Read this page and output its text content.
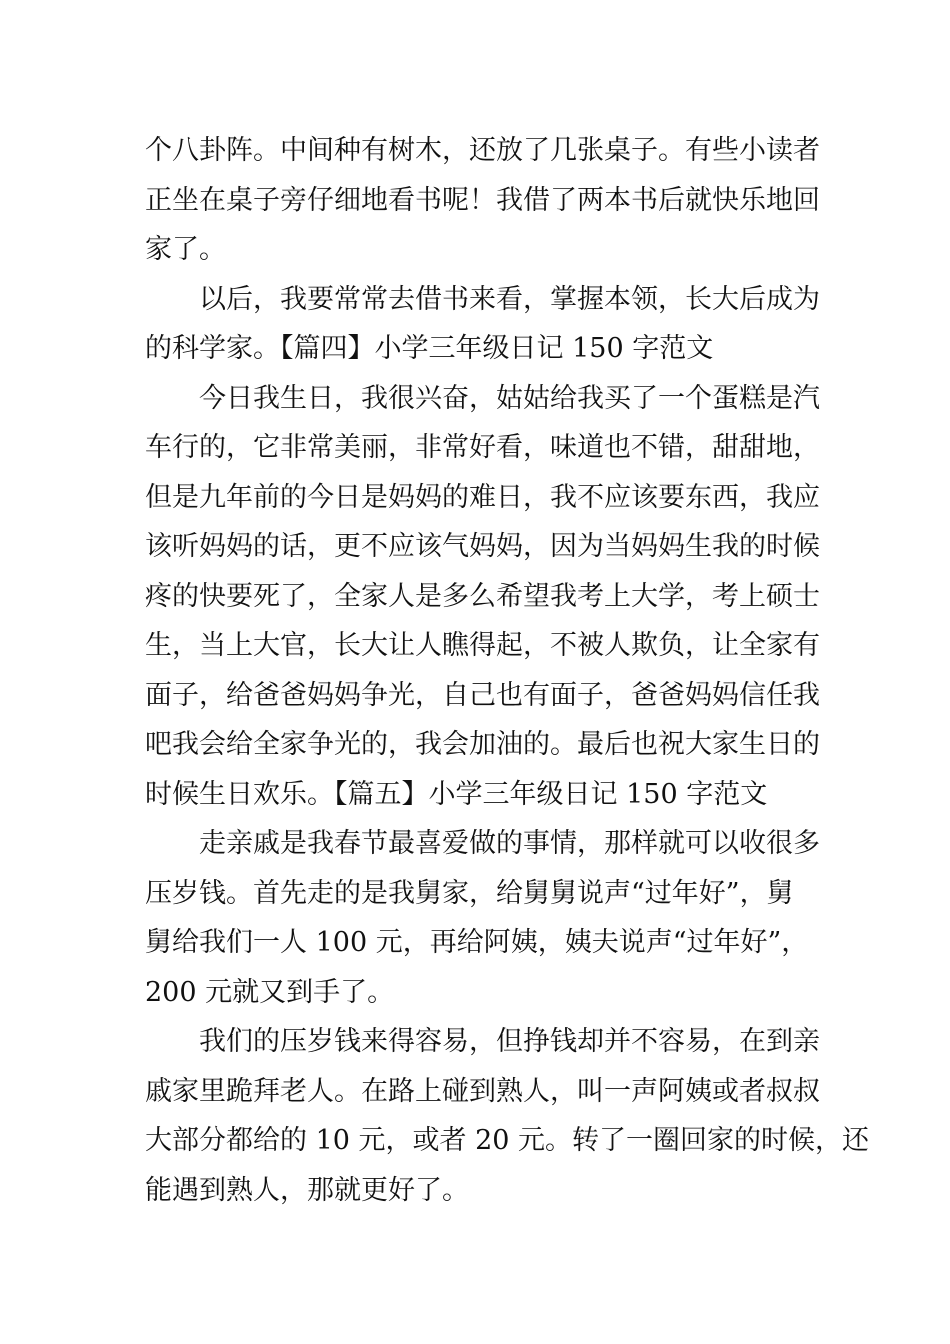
个八卦阵。中间种有树木，还放了几张桌子。有些小读者
正坐在桌子旁仔细地看书呢！我借了两本书后就快乐地回
家了。

以后，我要常常去借书来看，掌握本领，长大后成为
的科学家。【篇四】小学三年级日记 150 字范文

今日我生日，我很兴奋，姑姑给我买了一个蛋糕是汽
车行的，它非常美丽，非常好看，味道也不错，甜甜地，
但是九年前的今日是妈妈的难日，我不应该要东西，我应
该听妈妈的话，更不应该气妈妈，因为当妈妈生我的时候
疼的快要死了，全家人是多么希望我考上大学，考上硕士
生，当上大官，长大让人瞧得起，不被人欺负，让全家有
面子，给爸爸妈妈争光，自己也有面子，爸爸妈妈信任我
吧我会给全家争光的，我会加油的。最后也祝大家生日的
时候生日欢乐。【篇五】小学三年级日记 150 字范文

走亲戚是我春节最喜爱做的事情，那样就可以收很多
压岁钱。首先走的是我舅家，给舅舅说声“过年好”，舅
舅给我们一人 100 元，再给阿姨，姨夫说声“过年好”，
200 元就又到手了。

我们的压岁钱来得容易，但挣钱却并不容易，在到亲
戚家里跪拜老人。在路上碰到熟人，叫一声阿姨或者叔叔
大部分都给的 10 元，或者 20 元。转了一圈回家的时候，还
能遇到熟人，那就更好了。
